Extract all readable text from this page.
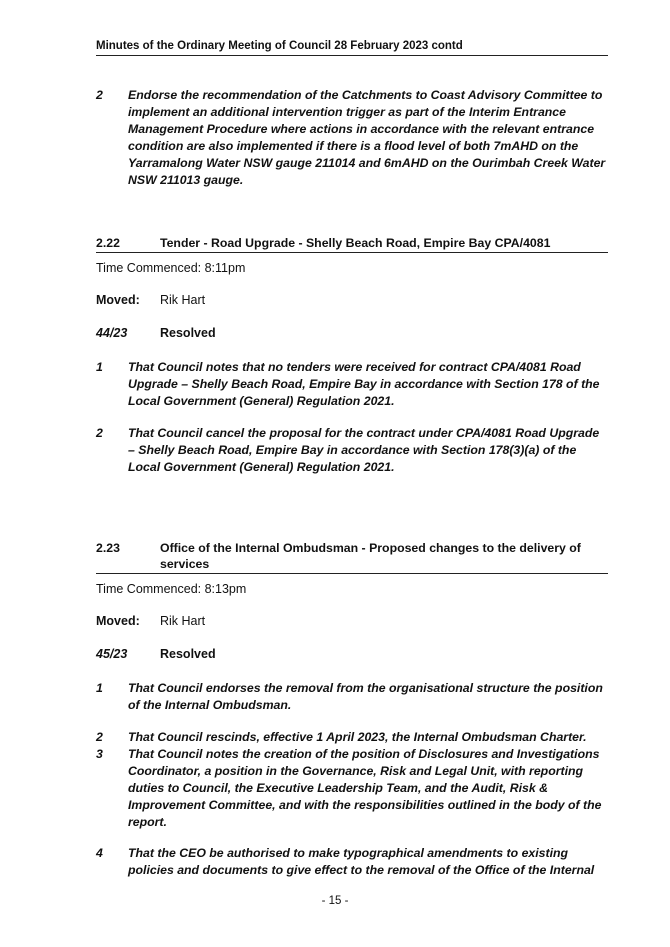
Minutes of the Ordinary Meeting of Council 28 February 2023 contd
2 Endorse the recommendation of the Catchments to Coast Advisory Committee to implement an additional intervention trigger as part of the Interim Entrance Management Procedure where actions in accordance with the relevant entrance condition are also implemented if there is a flood level of both 7mAHD on the Yarramalong Water NSW gauge 211014 and 6mAHD on the Ourimbah Creek Water NSW 211013 gauge.
2.22	Tender - Road Upgrade - Shelly Beach Road, Empire Bay CPA/4081
Time Commenced: 8:11pm
Moved: Rik Hart
44/23	Resolved
1 That Council notes that no tenders were received for contract CPA/4081 Road Upgrade – Shelly Beach Road, Empire Bay in accordance with Section 178 of the Local Government (General) Regulation 2021.
2 That Council cancel the proposal for the contract under CPA/4081 Road Upgrade – Shelly Beach Road, Empire Bay in accordance with Section 178(3)(a) of the Local Government (General) Regulation 2021.
2.23	Office of the Internal Ombudsman - Proposed changes to the delivery of services
Time Commenced: 8:13pm
Moved: Rik Hart
45/23	Resolved
1 That Council endorses the removal from the organisational structure the position of the Internal Ombudsman.
2 That Council rescinds, effective 1 April 2023, the Internal Ombudsman Charter.
3 That Council notes the creation of the position of Disclosures and Investigations Coordinator, a position in the Governance, Risk and Legal Unit, with reporting duties to Council, the Executive Leadership Team, and the Audit, Risk & Improvement Committee, and with the responsibilities outlined in the body of the report.
4 That the CEO be authorised to make typographical amendments to existing policies and documents to give effect to the removal of the Office of the Internal
- 15 -
